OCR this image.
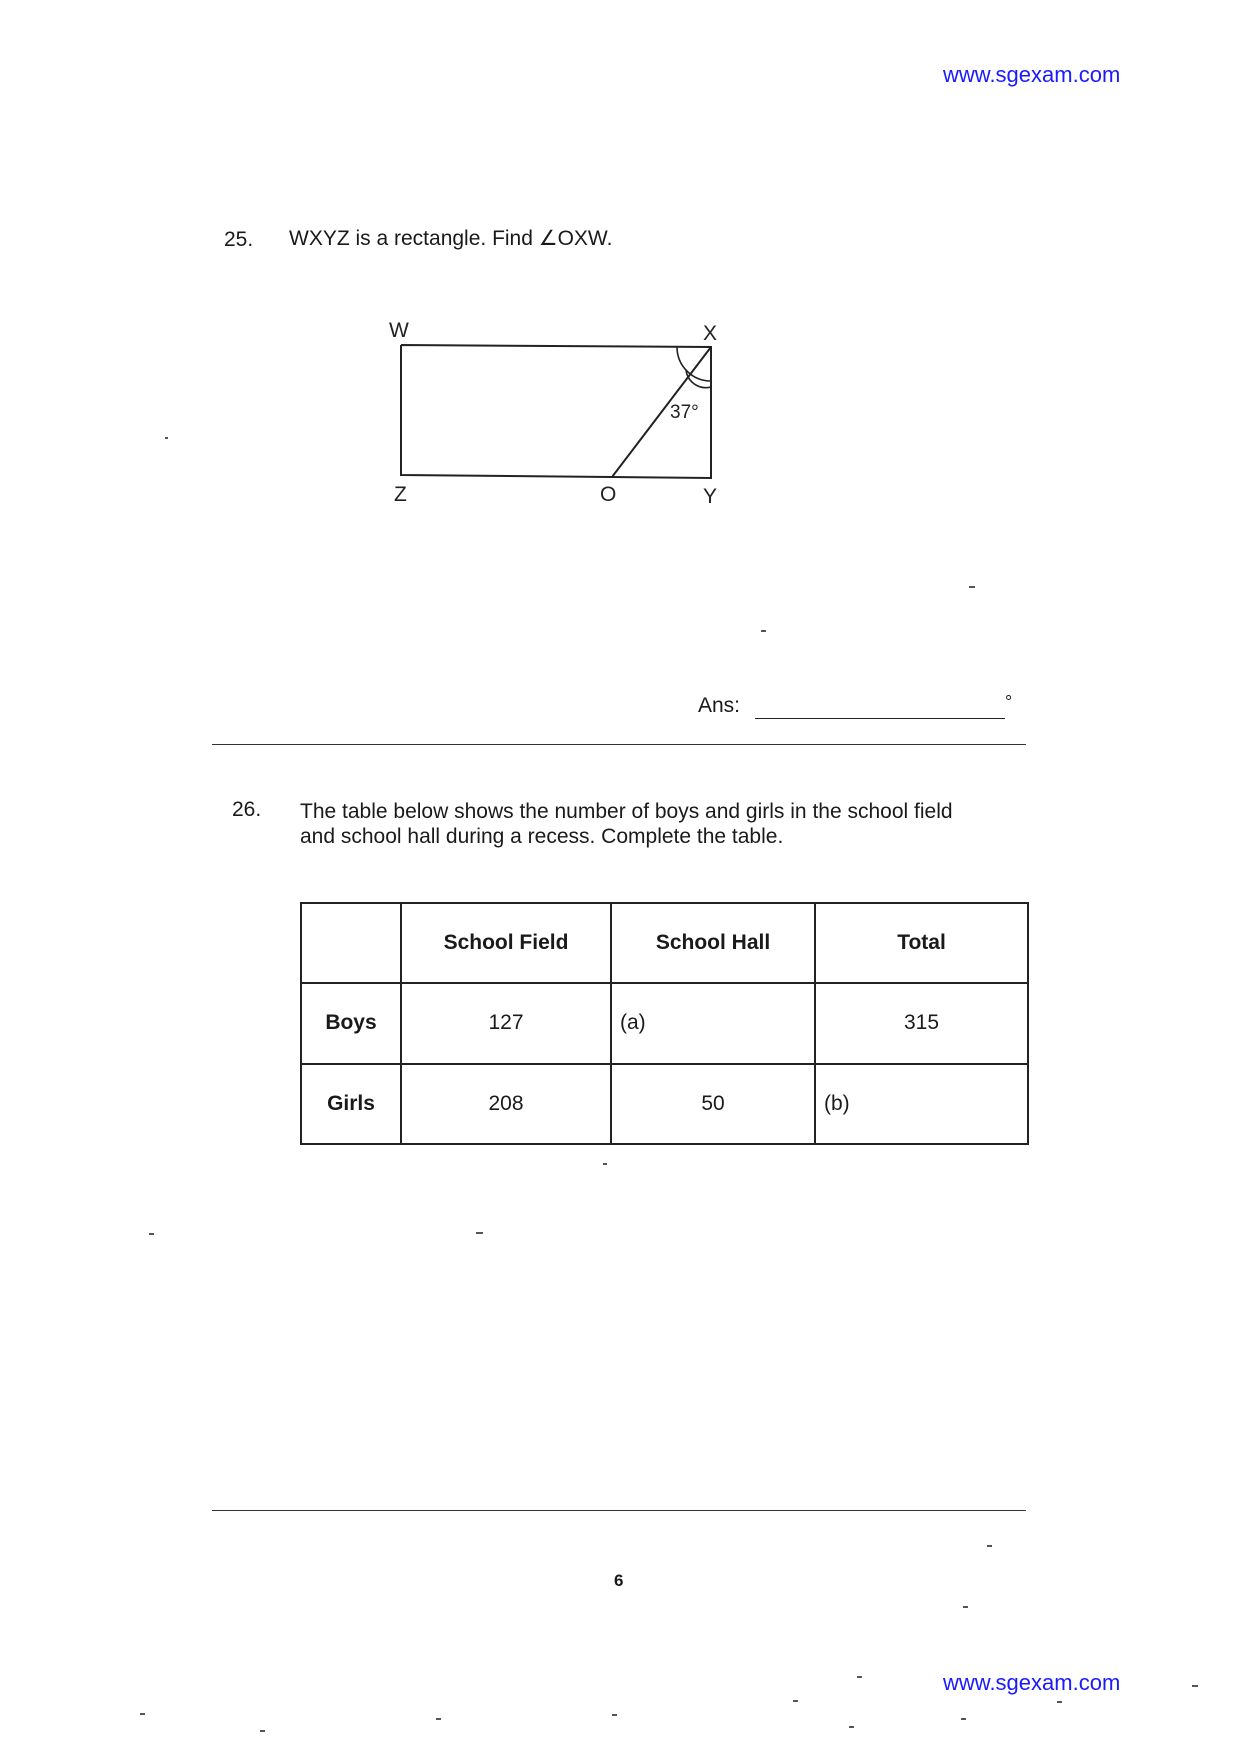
www.sgexam.com
25. WXYZ is a rectangle. Find ∠OXW.
W	X
Z	O	Y
37°
Ans:	°
26. The table below shows the number of boys and girls in the school field
and school hall during a recess. Complete the table.
	School Field	School Hall	Total
Boys	127	(a)	315
Girls	208	50	(b)
6
www.sgexam.com
